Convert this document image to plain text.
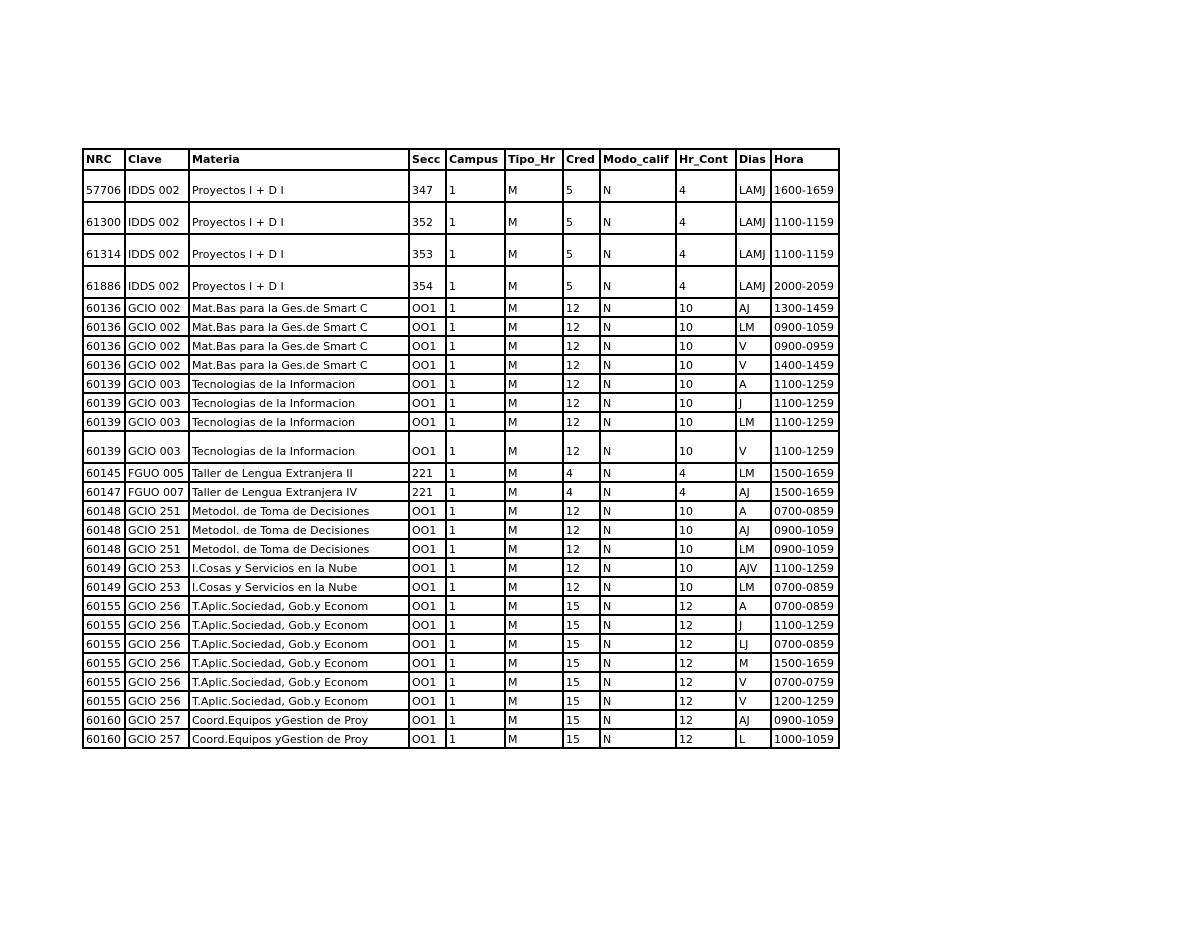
NRC	Clave	Materia	Secc	Campus	Tipo_Hr	Cred	Modo_calif	Hr_Cont	Dias	Hora
57706	IDDS 002	Proyectos I + D I	347	1	M	5	N	4	LAMJ	1600-1659
61300	IDDS 002	Proyectos I + D I	352	1	M	5	N	4	LAMJ	1100-1159
61314	IDDS 002	Proyectos I + D I	353	1	M	5	N	4	LAMJ	1100-1159
61886	IDDS 002	Proyectos I + D I	354	1	M	5	N	4	LAMJ	2000-2059
60136	GCIO 002	Mat.Bas para la Ges.de Smart C	OO1	1	M	12	N	10	AJ	1300-1459
60136	GCIO 002	Mat.Bas para la Ges.de Smart C	OO1	1	M	12	N	10	LM	0900-1059
60136	GCIO 002	Mat.Bas para la Ges.de Smart C	OO1	1	M	12	N	10	V	0900-0959
60136	GCIO 002	Mat.Bas para la Ges.de Smart C	OO1	1	M	12	N	10	V	1400-1459
60139	GCIO 003	Tecnologias de la Informacion	OO1	1	M	12	N	10	A	1100-1259
60139	GCIO 003	Tecnologias de la Informacion	OO1	1	M	12	N	10	J	1100-1259
60139	GCIO 003	Tecnologias de la Informacion	OO1	1	M	12	N	10	LM	1100-1259
60139	GCIO 003	Tecnologias de la Informacion	OO1	1	M	12	N	10	V	1100-1259
60145	FGUO 005	Taller de Lengua Extranjera II	221	1	M	4	N	4	LM	1500-1659
60147	FGUO 007	Taller de Lengua Extranjera IV	221	1	M	4	N	4	AJ	1500-1659
60148	GCIO 251	Metodol. de Toma de Decisiones	OO1	1	M	12	N	10	A	0700-0859
60148	GCIO 251	Metodol. de Toma de Decisiones	OO1	1	M	12	N	10	AJ	0900-1059
60148	GCIO 251	Metodol. de Toma de Decisiones	OO1	1	M	12	N	10	LM	0900-1059
60149	GCIO 253	I.Cosas y Servicios en la Nube	OO1	1	M	12	N	10	AJV	1100-1259
60149	GCIO 253	I.Cosas y Servicios en la Nube	OO1	1	M	12	N	10	LM	0700-0859
60155	GCIO 256	T.Aplic.Sociedad, Gob.y Econom	OO1	1	M	15	N	12	A	0700-0859
60155	GCIO 256	T.Aplic.Sociedad, Gob.y Econom	OO1	1	M	15	N	12	J	1100-1259
60155	GCIO 256	T.Aplic.Sociedad, Gob.y Econom	OO1	1	M	15	N	12	LJ	0700-0859
60155	GCIO 256	T.Aplic.Sociedad, Gob.y Econom	OO1	1	M	15	N	12	M	1500-1659
60155	GCIO 256	T.Aplic.Sociedad, Gob.y Econom	OO1	1	M	15	N	12	V	0700-0759
60155	GCIO 256	T.Aplic.Sociedad, Gob.y Econom	OO1	1	M	15	N	12	V	1200-1259
60160	GCIO 257	Coord.Equipos yGestion de Proy	OO1	1	M	15	N	12	AJ	0900-1059
60160	GCIO 257	Coord.Equipos yGestion de Proy	OO1	1	M	15	N	12	L	1000-1059
